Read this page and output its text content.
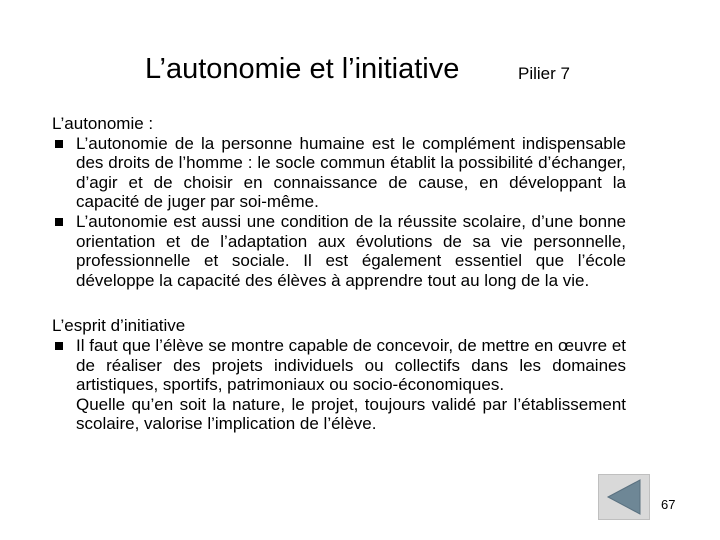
L’autonomie et l’initiative	Pilier 7

L’autonomie :

L’autonomie de la personne humaine est le complément indispensable des droits de l’homme : le socle commun établit la possibilité d’échanger, d’agir et de choisir en connaissance de cause, en développant la capacité de juger par soi-même.
L’autonomie est aussi une condition de la réussite scolaire, d’une bonne orientation et de l’adaptation aux évolutions de sa vie personnelle, professionnelle et sociale. Il est également essentiel que l’école développe la capacité des élèves à apprendre tout au long de la vie.

L’esprit d’initiative

Il faut que l’élève se montre capable de concevoir, de mettre en œuvre et de réaliser des projets individuels ou collectifs dans les domaines artistiques, sportifs, patrimoniaux ou socio-économiques.
Quelle qu’en soit la nature, le projet, toujours validé par l’établissement scolaire, valorise l’implication de l’élève.
67
